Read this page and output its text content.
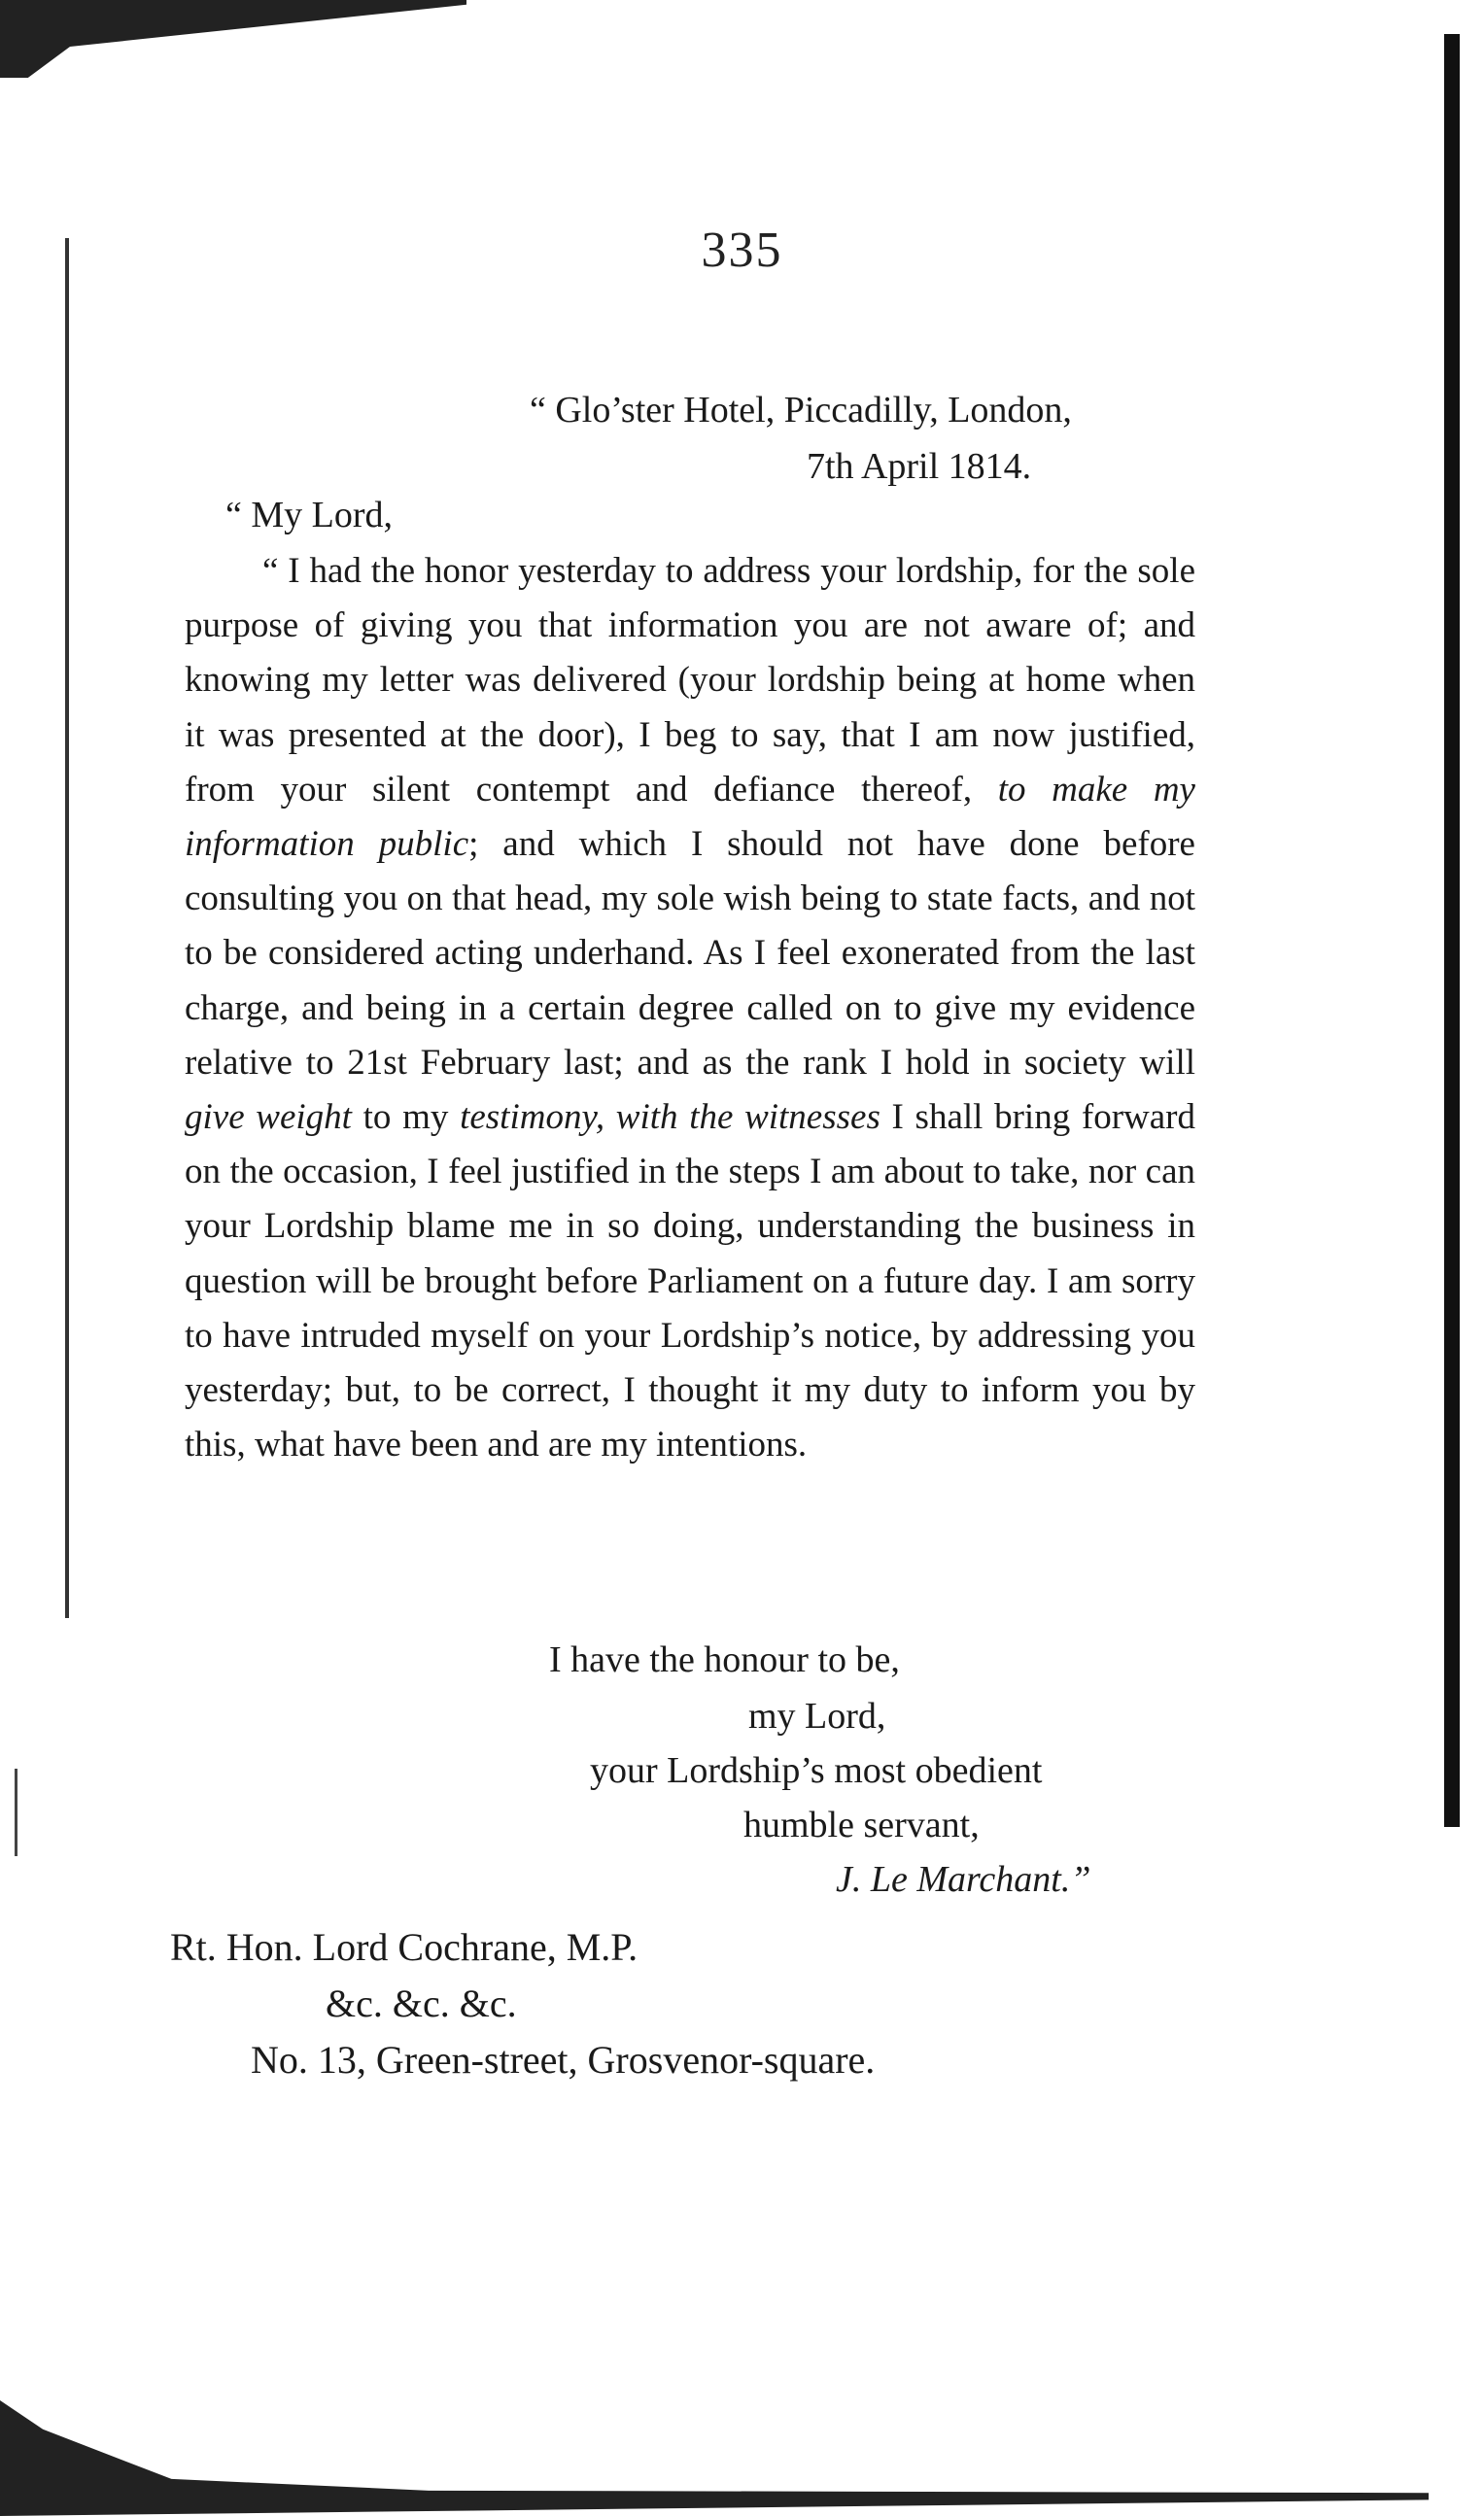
335
“ Glo’ster Hotel, Piccadilly, London,
7th April 1814.
“ My Lord,

“ I had the honor yesterday to address your lordship, for the sole purpose of giving you that information you are not aware of; and knowing my letter was delivered (your lordship being at home when it was presented at the door), I beg to say, that I am now justified, from your silent contempt and defiance thereof, to make my information public; and which I should not have done before consulting you on that head, my sole wish being to state facts, and not to be considered acting underhand. As I feel exonerated from the last charge, and being in a certain degree called on to give my evidence relative to 21st February last; and as the rank I hold in society will give weight to my testimony, with the witnesses I shall bring forward on the occasion, I feel justified in the steps I am about to take, nor can your Lordship blame me in so doing, understanding the business in question will be brought before Parliament on a future day. I am sorry to have intruded myself on your Lordship’s notice, by addressing you yesterday; but, to be correct, I thought it my duty to inform you by this, what have been and are my intentions.

I have the honour to be,
my Lord,
your Lordship’s most obedient
humble servant,
J. Le Marchant.”
Rt. Hon. Lord Cochrane, M.P.
&c. &c. &c.
No. 13, Green-street, Grosvenor-square.
